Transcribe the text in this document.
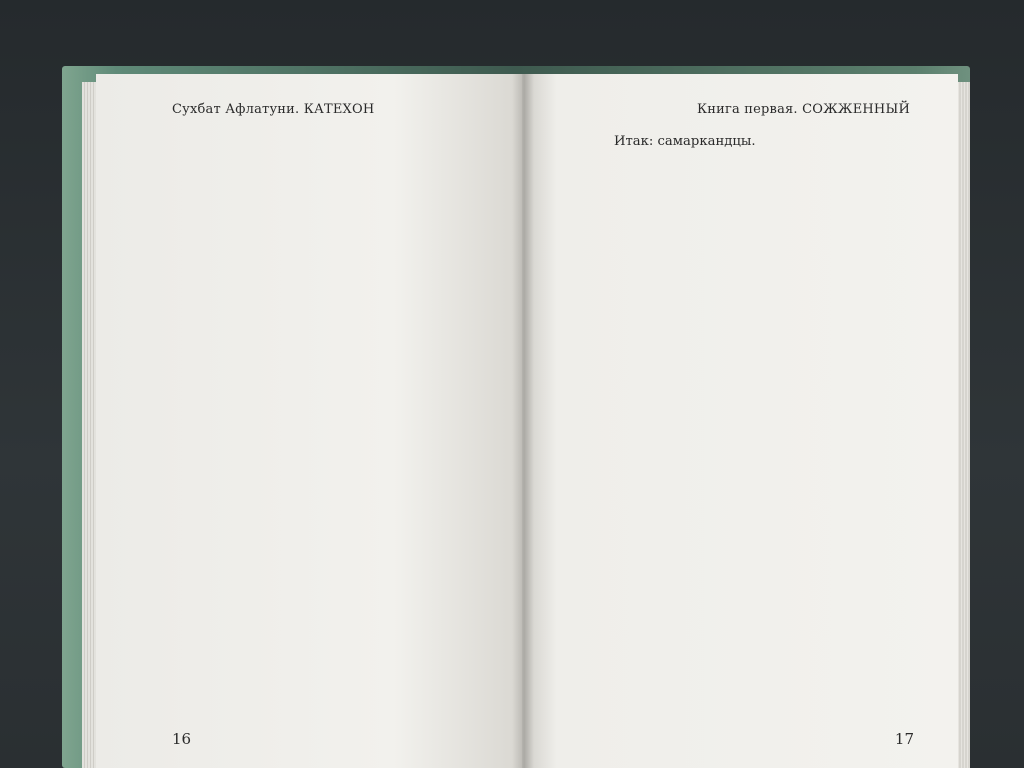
Сухбат Афлатуни. КАТЕХОН
16
Книга первая. СОЖЖЕННЫЙ

Итак: самаркандцы.

17
